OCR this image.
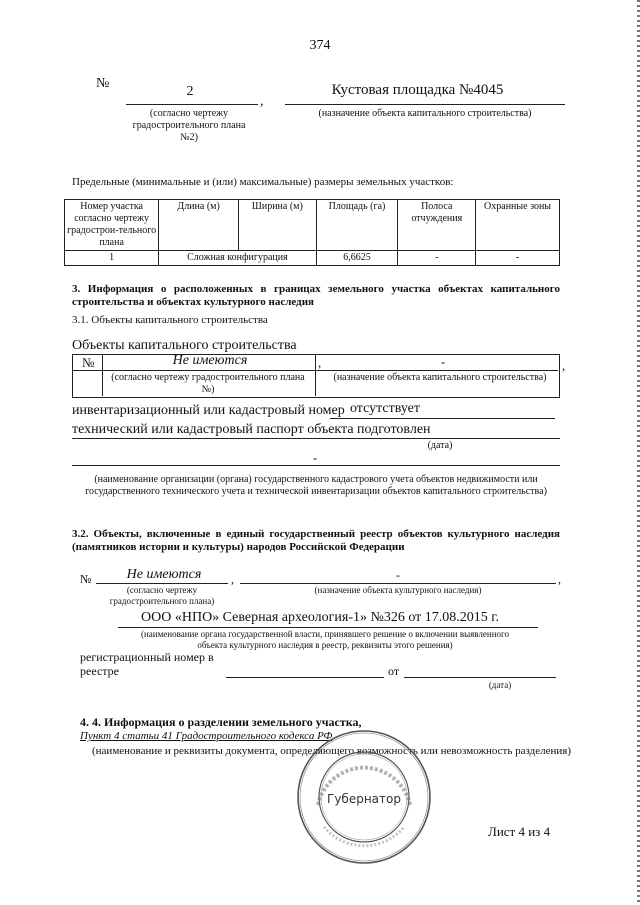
374
№
2
,
Кустовая площадка №4045
(согласно чертежу градостроительного плана №2)
(назначение объекта капитального строительства)
Предельные (минимальные и (или) максимальные) размеры земельных участков:
Номер участка согласно чертежу градострои-тельного плана	Длина (м)	Ширина (м)	Площадь (га)	Полоса отчуждения	Охранные зоны
1	Сложная конфигурация		6,6625	-	-
3. Информация о расположенных в границах земельного участка объектах капитального строительства и объектах культурного наследия
3.1. Объекты капитального строительства
Объекты капитального строительства
№	Не имеются	,	-	,
(согласно чертежу градостроительного плана №)
(назначение объекта капитального строительства)
инвентаризационный или кадастровый номер отсутствует
технический или кадастровый паспорт объекта подготовлен
(дата)
-
(наименование организации (органа) государственного кадастрового учета объектов недвижимости или государственного технического учета и технической инвентаризации объектов капитального строительства)
3.2. Объекты, включенные в единый государственный реестр объектов культурного наследия (памятников истории и культуры) народов Российской Федерации
№	Не имеются	,	-	,
(согласно чертежу градостроительного плана)
(назначение объекта культурного наследия)
ООО «НПО» Северная археология-1» №326 от 17.08.2015 г.
(наименование органа государственной власти, принявшего решение о включении выявленного объекта культурного наследия в реестр, реквизиты этого решения)
регистрационный номер в
реестре	от
(дата)
4. 4. Информация о разделении земельного участка,
Пункт 4 статьи 41 Градостроительного кодекса РФ
(наименование и реквизиты документа, определяющего возможность или невозможность разделения)
Губернатор
Лист 4 из 4
